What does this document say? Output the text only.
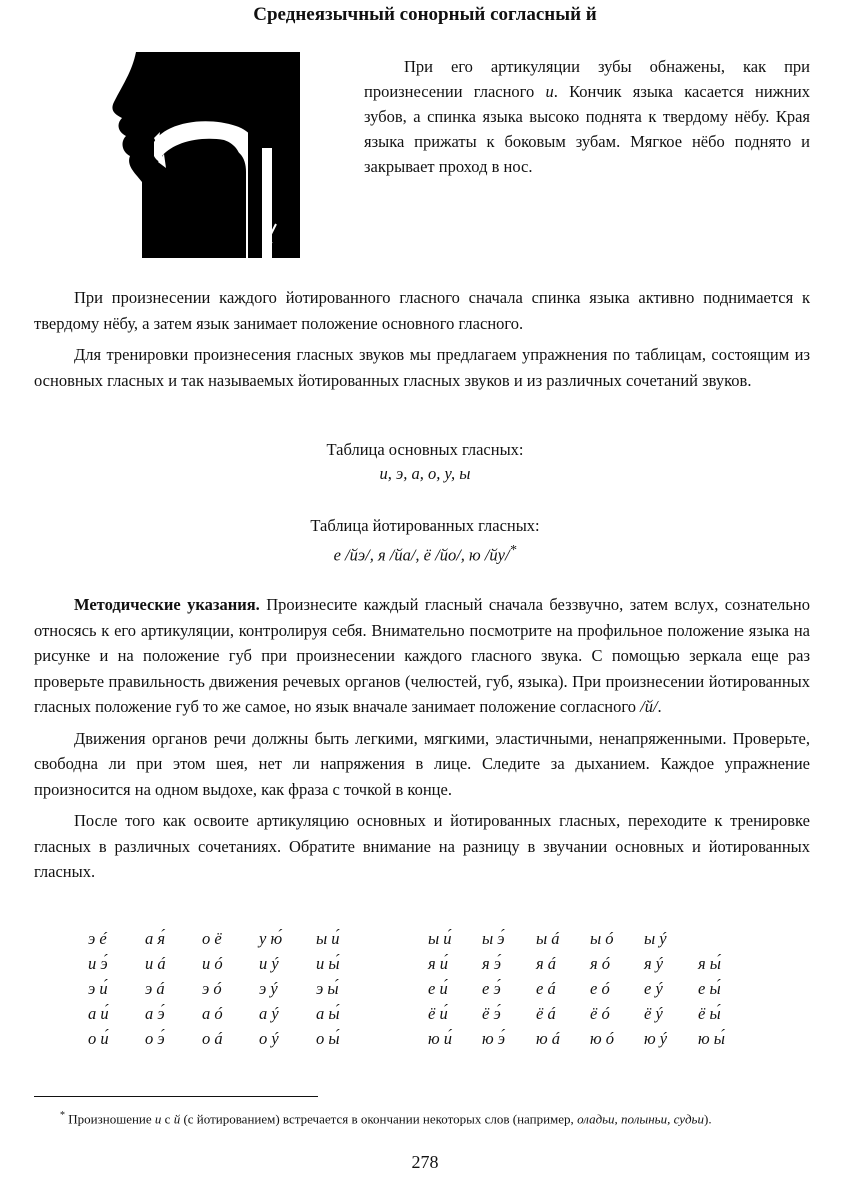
Среднеязычный сонорный согласный й

При его артикуляции зубы обнажены, как при произнесении гласного и. Кончик языка касается нижних зубов, а спинка языка высоко поднята к твердому нёбу. Края языка прижаты к боковым зубам. Мягкое нёбо поднято и закрывает проход в нос.

При произнесении каждого йотированного гласного сначала спинка языка активно поднимается к твердому нёбу, а затем язык занимает положение основного гласного.

Для тренировки произнесения гласных звуков мы предлагаем упражнения по таблицам, состоящим из основных гласных и так называемых йотированных гласных звуков и из различных сочетаний звуков.

Таблица основных гласных:
и, э, а, о, у, ы
Таблица йотированных гласных:
е /йэ/, я /йа/, ё /йо/, ю /йу/*

Методические указания. Произнесите каждый гласный сначала беззвучно, затем вслух, сознательно относясь к его артикуляции, контролируя себя. Внимательно посмотрите на профильное положение языка на рисунке и на положение губ при произнесении каждого гласного звука. С помощью зеркала еще раз проверьте правильность движения речевых органов (челюстей, губ, языка). При произнесении йотированных гласных положение губ то же самое, но язык вначале занимает положение согласного /й/.

Движения органов речи должны быть легкими, мягкими, эластичными, ненапряженными. Проверьте, свободна ли при этом шея, нет ли напряжения в лице. Следите за дыханием. Каждое упражнение произносится на одном выдохе, как фраза с точкой в конце.

После того как освоите артикуляцию основных и йотированных гласных, переходите к тренировке гласных в различных сочетаниях. Обратите внимание на разницу в звучании основных и йотированных гласных.

э é	а я́	о ё	у ю́	ы и́
и э́	и á	и ó	и ý	и ы́
э и́	э á	э ó	э ý	э ы́
а и́	а э́	а ó	а ý	а ы́
о и́	о э́	о á	о ý	о ы́
ы и́	ы э́	ы á	ы ó	ы ý	
я и́	я э́	я á	я ó	я ý	я ы́
е и́	е э́	е á	е ó	е ý	е ы́
ё и́	ё э́	ё á	ё ó	ё ý	ё ы́
ю и́	ю э́	ю á	ю ó	ю ý	ю ы́
* Произношение и с й (с йотированием) встречается в окончании некоторых слов (например, оладьи, полыньи, судьи).
278
